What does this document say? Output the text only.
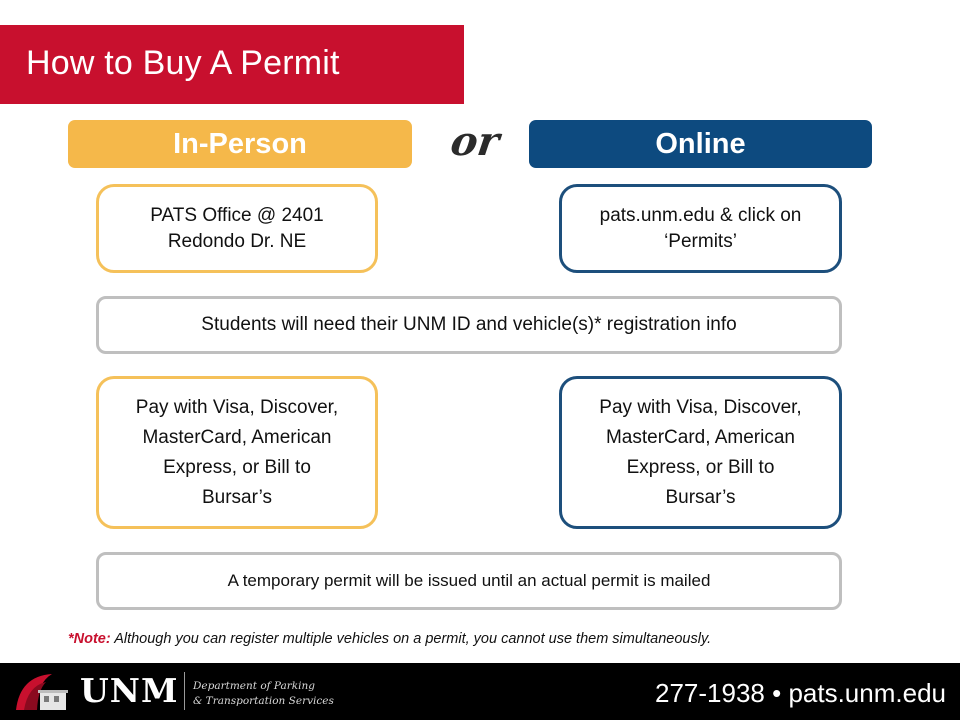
How to Buy A Permit
In-Person	or	Online
PATS Office @ 2401
Redondo Dr. NE
pats.unm.edu & click on
‘Permits’
Students will need their UNM ID and vehicle(s)* registration info
Pay with Visa, Discover,
MasterCard, American
Express, or Bill to
Bursar’s
Pay with Visa, Discover,
MasterCard, American
Express, or Bill to
Bursar’s
A temporary permit will be issued until an actual permit is mailed
*Note: Although you can register multiple vehicles on a permit, you cannot use them simultaneously.
UNM Department of Parking
& Transportation Services	277-1938 • pats.unm.edu
